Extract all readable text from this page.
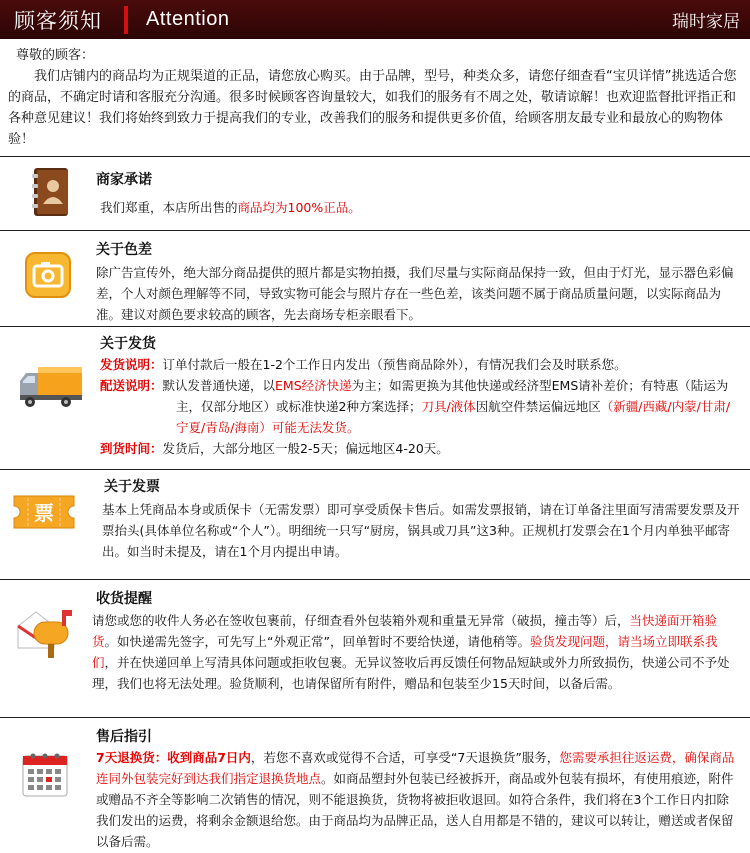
顾客须知	Attention	瑞时家居
尊敬的顾客：

我们店铺内的商品均为正规渠道的正品，请您放心购买。由于品牌，型号，种类众多，请您仔细查看“宝贝详情”挑选适合您的商品，不确定时请和客服充分沟通。很多时候顾客咨询量较大，如我们的服务有不周之处，敬请谅解！也欢迎监督批评指正和各种意见建议！我们将始终到致力于提高我们的专业，改善我们的服务和提供更多价值，给顾客朋友最专业和最放心的购物体验！

商家承诺
我们郑重，本店所出售的商品均为100%正品。
关于色差
除广告宣传外，绝大部分商品提供的照片都是实物拍摄，我们尽量与实际商品保持一致，但由于灯光，显示器色彩偏差，个人对颜色理解等不同，导致实物可能会与照片存在一些色差，该类问题不属于商品质量问题，以实际商品为准。建议对颜色要求较高的顾客，先去商场专柜亲眼看下。
关于发货
发货说明：订单付款后一般在1-2个工作日内发出（预售商品除外），有情况我们会及时联系您。
配送说明：默认发普通快递，以EMS经济快递为主；如需更换为其他快递或经济型EMS请补差价；有特惠（陆运为主，仅部分地区）或标准快递2种方案选择；刀具/液体因航空件禁运偏远地区（新疆/西藏/内蒙/甘肃/宁夏/青岛/海南）可能无法发货。
到货时间：发货后，大部分地区一般2-5天；偏远地区4-20天。
票
关于发票
基本上凭商品本身或质保卡（无需发票）即可享受质保卡售后。如需发票报销，请在订单备注里面写清需要发票及开票抬头(具体单位名称或“个人”）。明细统一只写“厨房，锅具或刀具”这3种。正规机打发票会在1个月内单独平邮寄出。如当时未提及，请在1个月内提出申请。
收货提醒
请您或您的收件人务必在签收包裹前，仔细查看外包装箱外观和重量无异常（破损，撞击等）后，当快递面开箱验货。如快递需先签字，可先写上“外观正常”，回单暂时不要给快递，请他稍等。验货发现问题，请当场立即联系我们，并在快递回单上写清具体问题或拒收包裹。无异议签收后再反馈任何物品短缺或外力所致损伤，快递公司不予处理，我们也将无法处理。验货顺利，也请保留所有附件，赠品和包装至少15天时间，以备后需。
售后指引
7天退换货：收到商品7日内，若您不喜欢或觉得不合适，可享受“7天退换货”服务，您需要承担往返运费，确保商品连同外包装完好到达我们指定退换货地点。如商品塑封外包装已经被拆开，商品或外包装有损坏，有使用痕迹，附件或赠品不齐全等影响二次销售的情况，则不能退换货，货物将被拒收退回。如符合条件，我们将在3个工作日内扣除我们发出的运费，将剩余金额退给您。由于商品均为品牌正品，送人自用都是不错的，建议可以转让，赠送或者保留以备后需。
